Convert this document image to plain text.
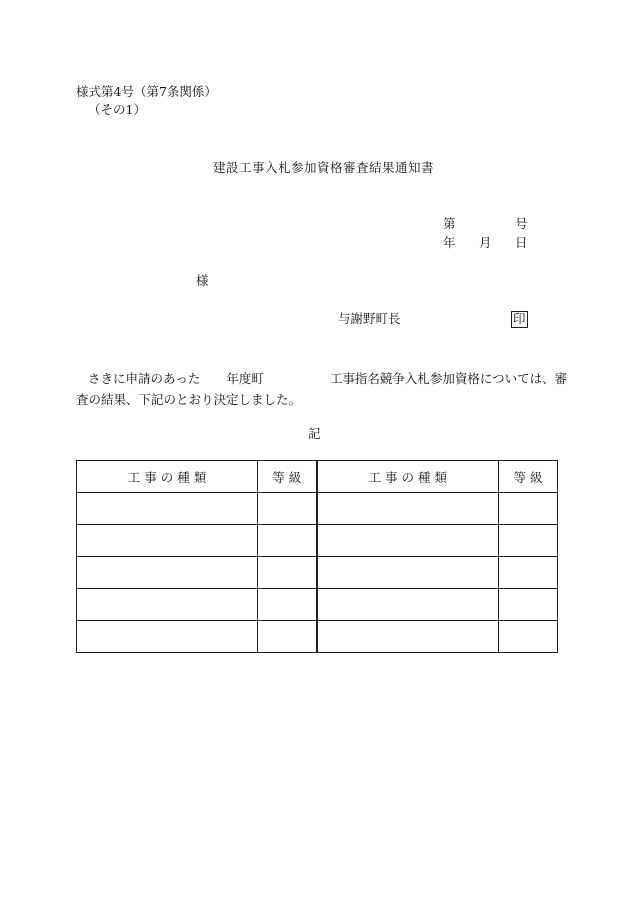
様式第4号（第7条関係）
（その1）
建設工事入札参加資格審査結果通知書
第	号
年 月 日
様
与謝野町長	印
さきに申請のあった 年度町	工事指名競争入札参加資格については、審
査の結果、下記のとおり決定しました。
記
工 事 の 種 類	等 級	工 事 の 種 類	等 級
